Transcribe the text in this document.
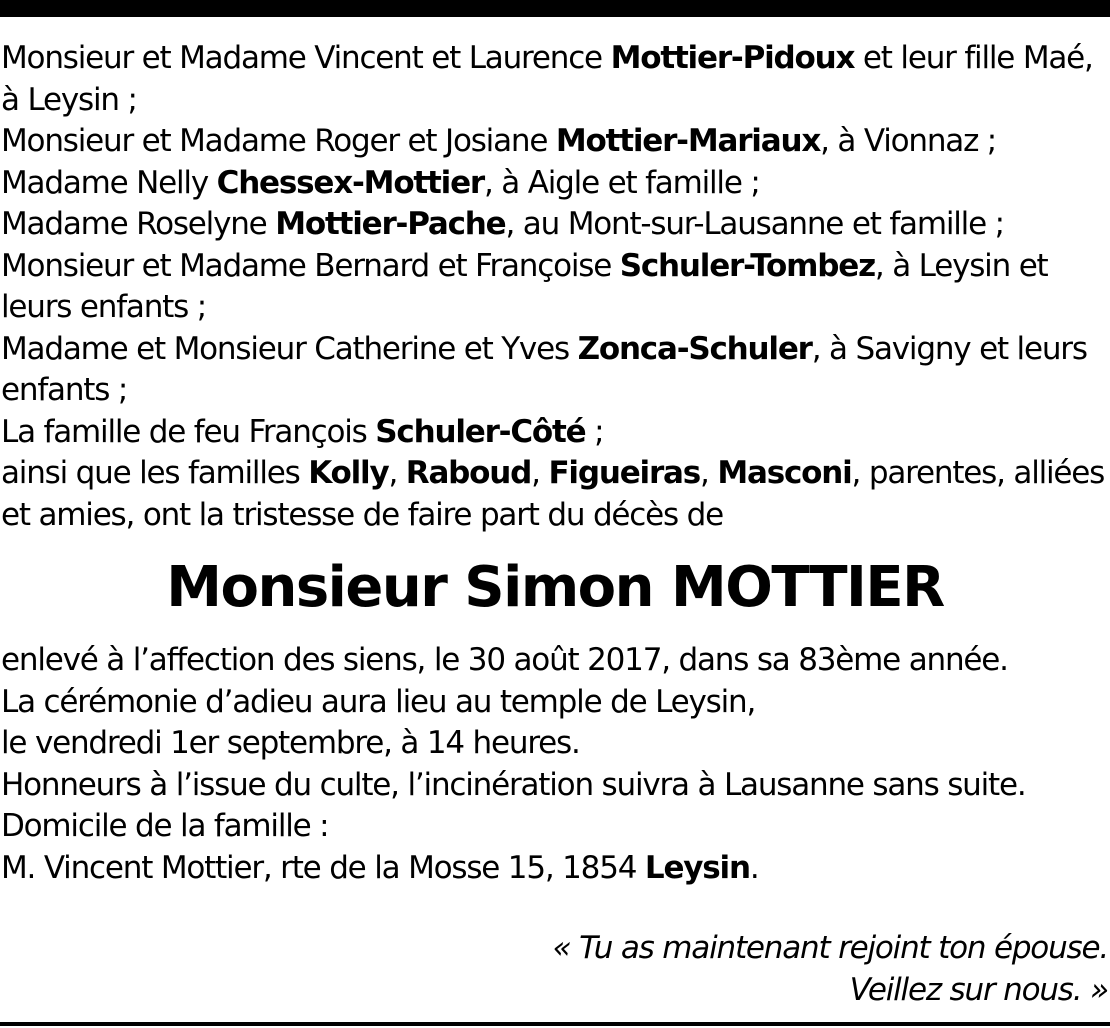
Monsieur et Madame Vincent et Laurence Mottier-Pidoux et leur fille Maé, à Leysin ;

Monsieur et Madame Roger et Josiane Mottier-Mariaux, à Vionnaz ;

Madame Nelly Chessex-Mottier, à Aigle et famille ;

Madame Roselyne Mottier-Pache, au Mont-sur-Lausanne et famille ;

Monsieur et Madame Bernard et Françoise Schuler-Tombez, à Leysin et leurs enfants ;

Madame et Monsieur Catherine et Yves Zonca-Schuler, à Savigny et leurs enfants ;

La famille de feu François Schuler-Côté ;

ainsi que les familles Kolly, Raboud, Figueiras, Masconi, parentes, alliées et amies, ont la tristesse de faire part du décès de

Monsieur Simon MOTTIER

enlevé à l’affection des siens, le 30 août 2017, dans sa 83ème année.

La cérémonie d’adieu aura lieu au temple de Leysin,

le vendredi 1er septembre, à 14 heures.

Honneurs à l’issue du culte, l’incinération suivra à Lausanne sans suite.

Domicile de la famille :

M. Vincent Mottier, rte de la Mosse 15, 1854 Leysin.

« Tu as maintenant rejoint ton épouse.

Veillez sur nous. »
